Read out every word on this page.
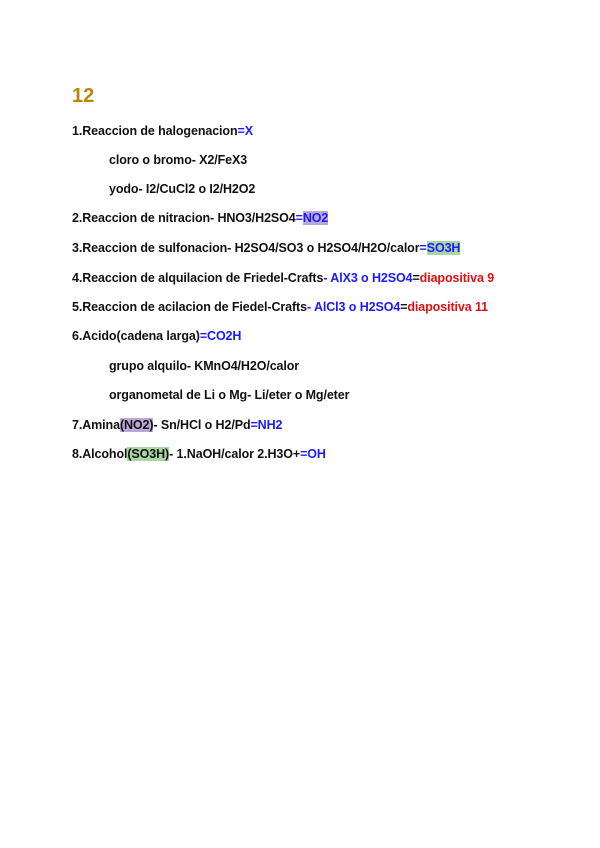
12
1.Reaccion de halogenacion=X
cloro o bromo- X2/FeX3
yodo- I2/CuCl2 o I2/H2O2
2.Reaccion de nitracion- HNO3/H2SO4=NO2
3.Reaccion de sulfonacion- H2SO4/SO3 o H2SO4/H2O/calor=SO3H
4.Reaccion de alquilacion de Friedel-Crafts- AlX3 o H2SO4=diapositiva 9
5.Reaccion de acilacion de Fiedel-Crafts- AlCl3 o H2SO4=diapositiva 11
6.Acido(cadena larga)=CO2H
grupo alquilo- KMnO4/H2O/calor
organometal de Li o Mg- Li/eter o Mg/eter
7.Amina(NO2)- Sn/HCl o H2/Pd=NH2
8.Alcohol(SO3H)- 1.NaOH/calor 2.H3O+=OH
